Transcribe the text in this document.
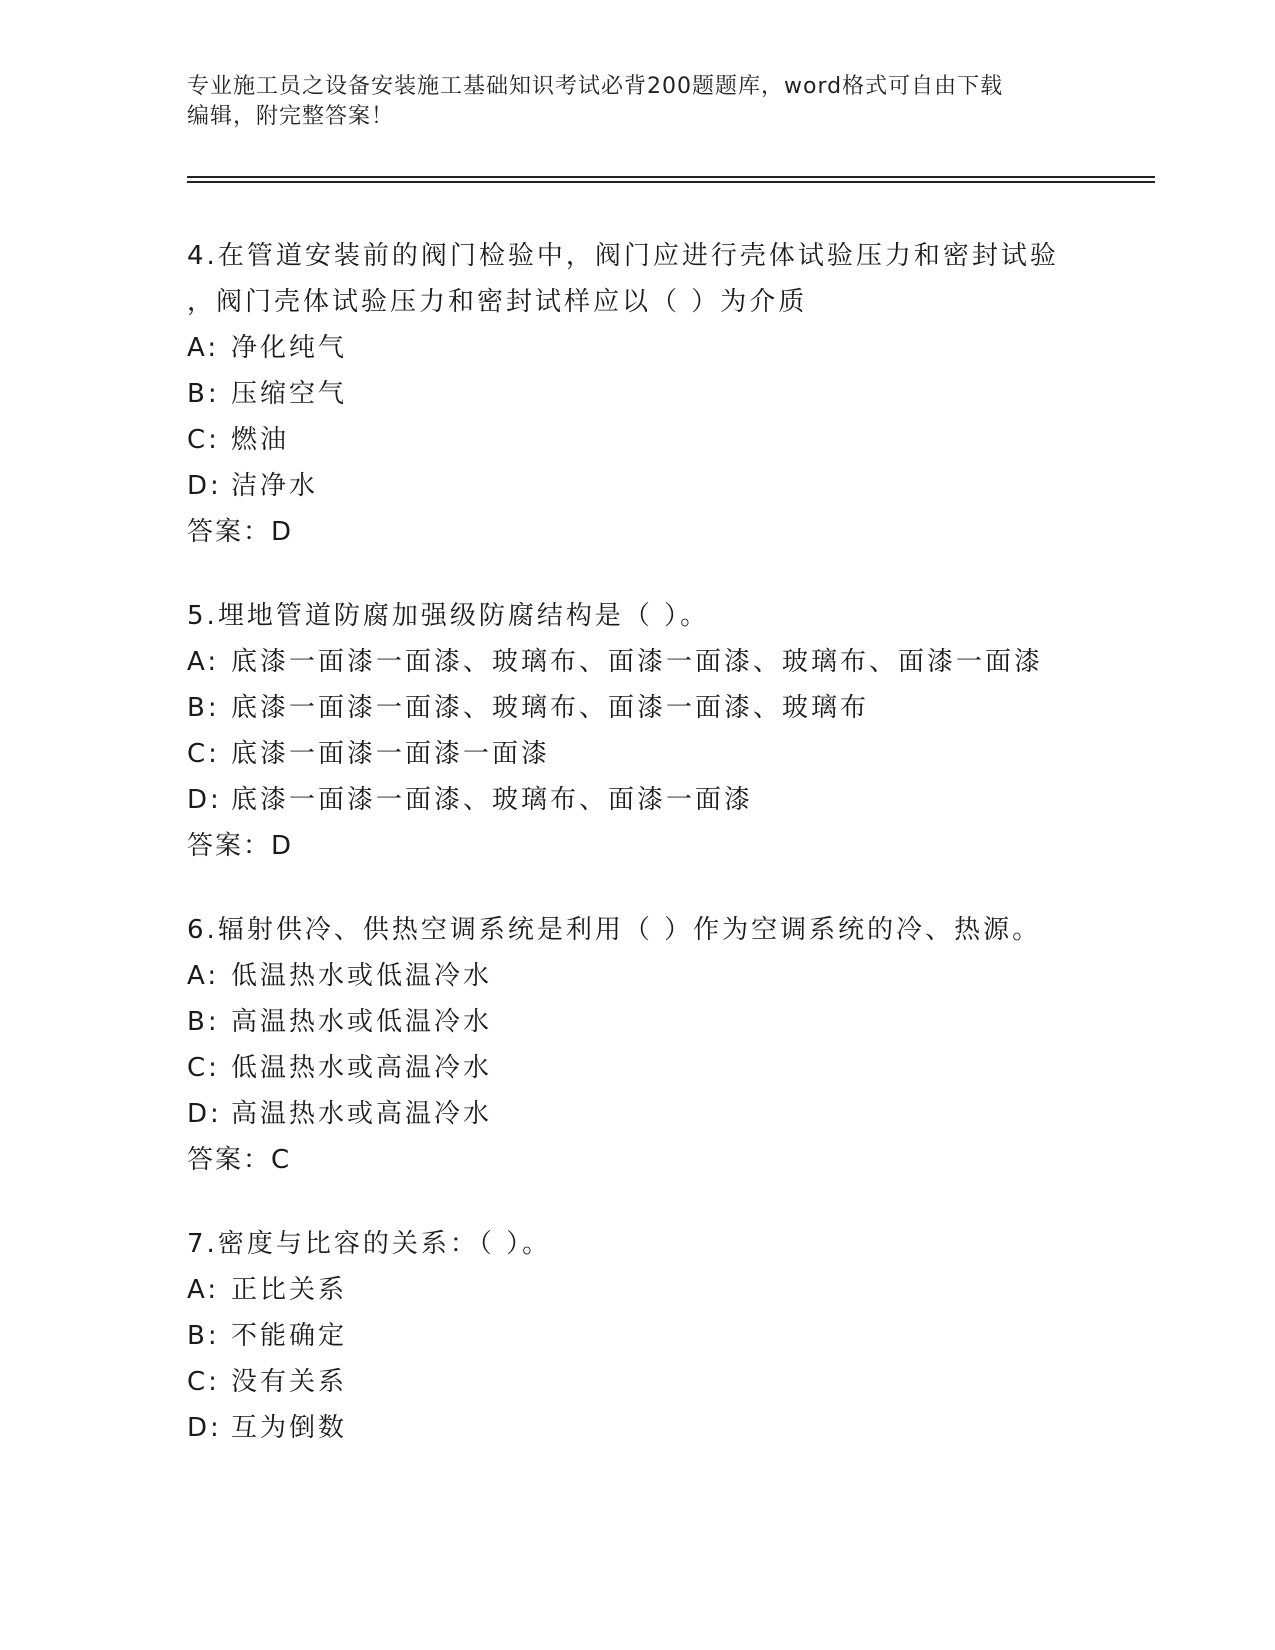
专业施工员之设备安装施工基础知识考试必背200题题库，word格式可自由下载
编辑，附完整答案！

4.在管道安装前的阀门检验中，阀门应进行壳体试验压力和密封试验

，阀门壳体试验压力和密封试样应以（ ）为介质

A: 净化纯气

B: 压缩空气

C: 燃油

D: 洁净水

答案：D

5.埋地管道防腐加强级防腐结构是（ ）。

A: 底漆一面漆一面漆、玻璃布、面漆一面漆、玻璃布、面漆一面漆

B: 底漆一面漆一面漆、玻璃布、面漆一面漆、玻璃布

C: 底漆一面漆一面漆一面漆

D: 底漆一面漆一面漆、玻璃布、面漆一面漆

答案：D

6.辐射供冷、供热空调系统是利用（ ）作为空调系统的冷、热源。

A: 低温热水或低温冷水

B: 高温热水或低温冷水

C: 低温热水或高温冷水

D: 高温热水或高温冷水

答案：C

7.密度与比容的关系：（ ）。

A: 正比关系

B: 不能确定

C: 没有关系

D: 互为倒数
